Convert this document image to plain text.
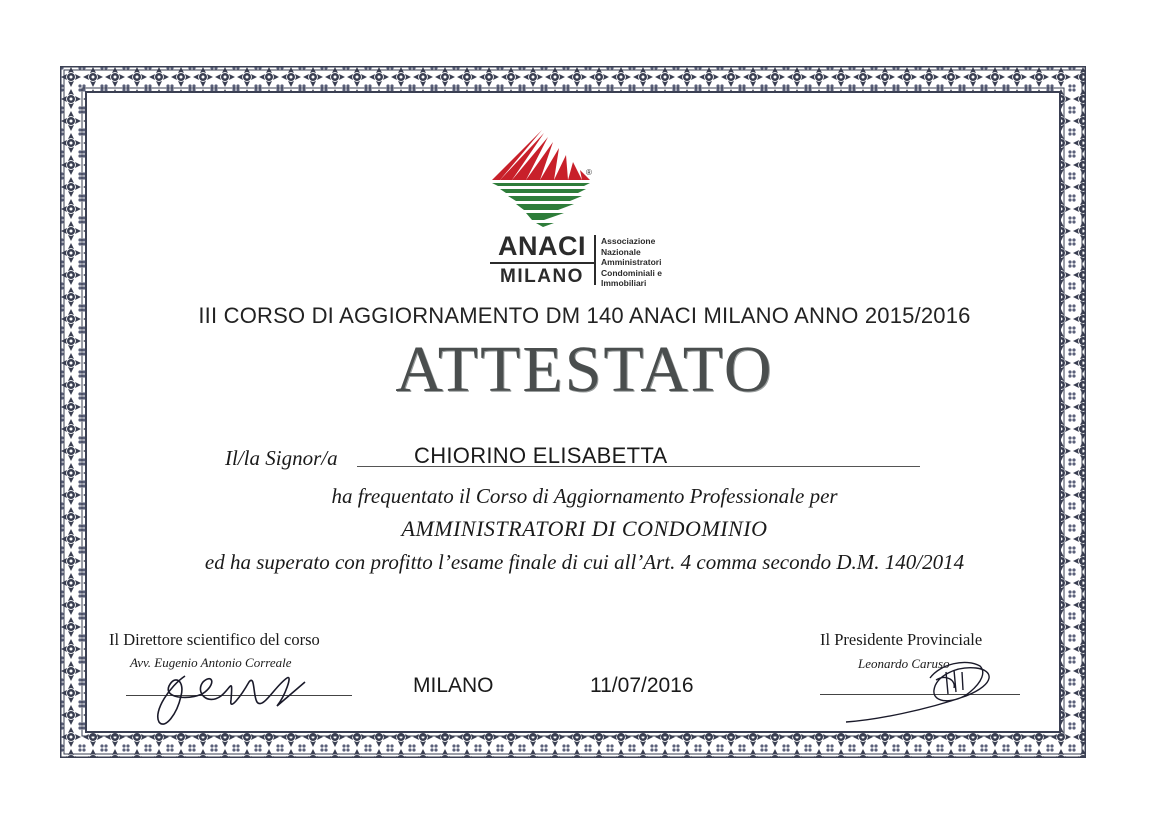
®
ANACI
MILANO
Associazione
Nazionale
Amministratori
Condominiali e
Immobiliari
III CORSO DI AGGIORNAMENTO DM 140 ANACI MILANO ANNO 2015/2016
ATTESTATO
Il/la Signor/a	CHIORINO ELISABETTA
ha frequentato il Corso di Aggiornamento Professionale per
AMMINISTRATORI DI CONDOMINIO
ed ha superato con profitto l’esame finale di cui all’Art. 4 comma secondo D.M. 140/2014
Il Direttore scientifico del corso
Avv. Eugenio Antonio Correale
MILANO	11/07/2016
Il Presidente Provinciale
Leonardo Caruso
